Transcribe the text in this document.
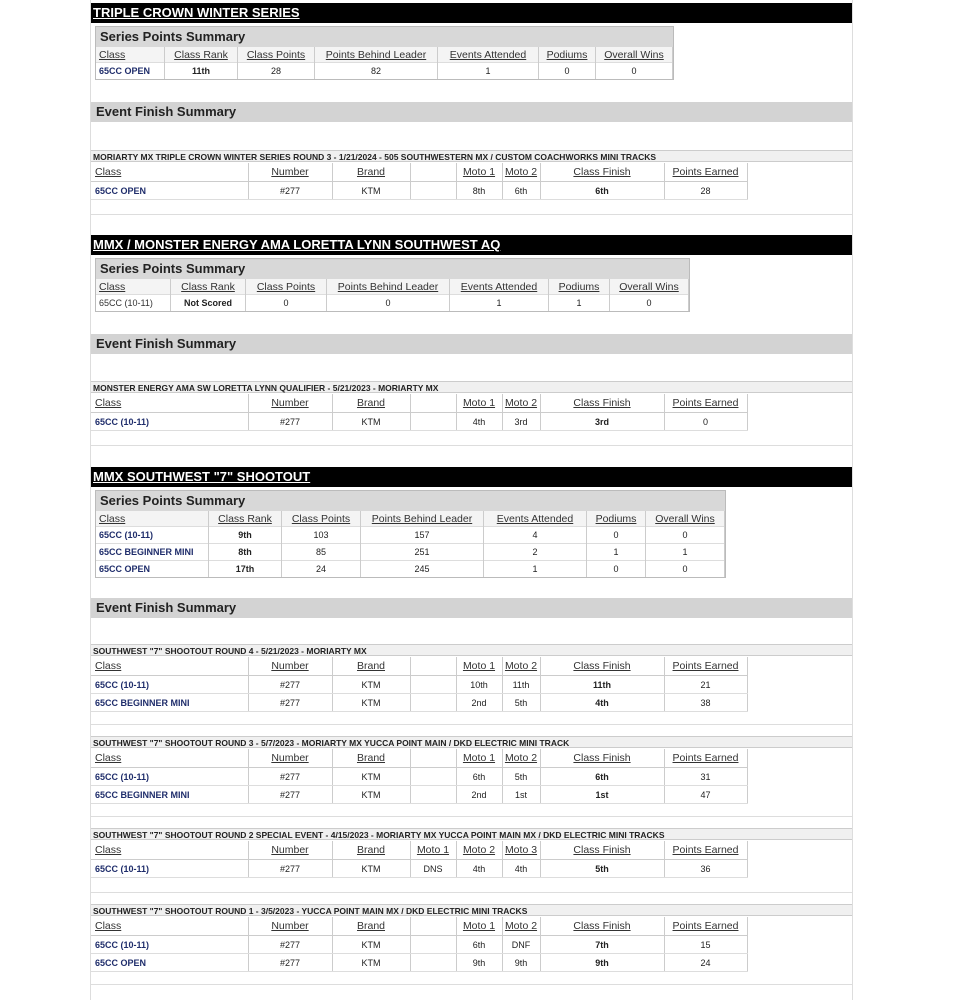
TRIPLE CROWN WINTER SERIES
Series Points Summary
Class	Class Rank	Class Points	Points Behind Leader	Events Attended	Podiums	Overall Wins
65CC OPEN	11th	28	82	1	0	0
Event Finish Summary
MORIARTY MX TRIPLE CROWN WINTER SERIES ROUND 3 - 1/21/2024 - 505 SOUTHWESTERN MX / CUSTOM COACHWORKS MINI TRACKS
Class	Number	Brand		Moto 1	Moto 2	Class Finish	Points Earned
65CC OPEN	#277	KTM		8th	6th	6th	28
MMX / MONSTER ENERGY AMA LORETTA LYNN SOUTHWEST AQ
Series Points Summary
Class	Class Rank	Class Points	Points Behind Leader	Events Attended	Podiums	Overall Wins
65CC (10-11)	Not Scored	0	0	1	1	0
Event Finish Summary
MONSTER ENERGY AMA SW LORETTA LYNN QUALIFIER - 5/21/2023 - MORIARTY MX
Class	Number	Brand		Moto 1	Moto 2	Class Finish	Points Earned
65CC (10-11)	#277	KTM		4th	3rd	3rd	0
MMX SOUTHWEST "7" SHOOTOUT
Series Points Summary
Class	Class Rank	Class Points	Points Behind Leader	Events Attended	Podiums	Overall Wins
65CC (10-11)	9th	103	157	4	0	0
65CC BEGINNER MINI	8th	85	251	2	1	1
65CC OPEN	17th	24	245	1	0	0
Event Finish Summary
SOUTHWEST "7" SHOOTOUT ROUND 4 - 5/21/2023 - MORIARTY MX
Class	Number	Brand		Moto 1	Moto 2	Class Finish	Points Earned
65CC (10-11)	#277	KTM		10th	11th	11th	21
65CC BEGINNER MINI	#277	KTM		2nd	5th	4th	38
SOUTHWEST "7" SHOOTOUT ROUND 3 - 5/7/2023 - MORIARTY MX YUCCA POINT MAIN / DKD ELECTRIC MINI TRACK
Class	Number	Brand		Moto 1	Moto 2	Class Finish	Points Earned
65CC (10-11)	#277	KTM		6th	5th	6th	31
65CC BEGINNER MINI	#277	KTM		2nd	1st	1st	47
SOUTHWEST "7" SHOOTOUT ROUND 2 SPECIAL EVENT - 4/15/2023 - MORIARTY MX YUCCA POINT MAIN MX / DKD ELECTRIC MINI TRACKS
Class	Number	Brand	Moto 1	Moto 2	Moto 3	Class Finish	Points Earned
65CC (10-11)	#277	KTM	DNS	4th	4th	5th	36
SOUTHWEST "7" SHOOTOUT ROUND 1 - 3/5/2023 - YUCCA POINT MAIN MX / DKD ELECTRIC MINI TRACKS
Class	Number	Brand		Moto 1	Moto 2	Class Finish	Points Earned
65CC (10-11)	#277	KTM		6th	DNF	7th	15
65CC OPEN	#277	KTM		9th	9th	9th	24
